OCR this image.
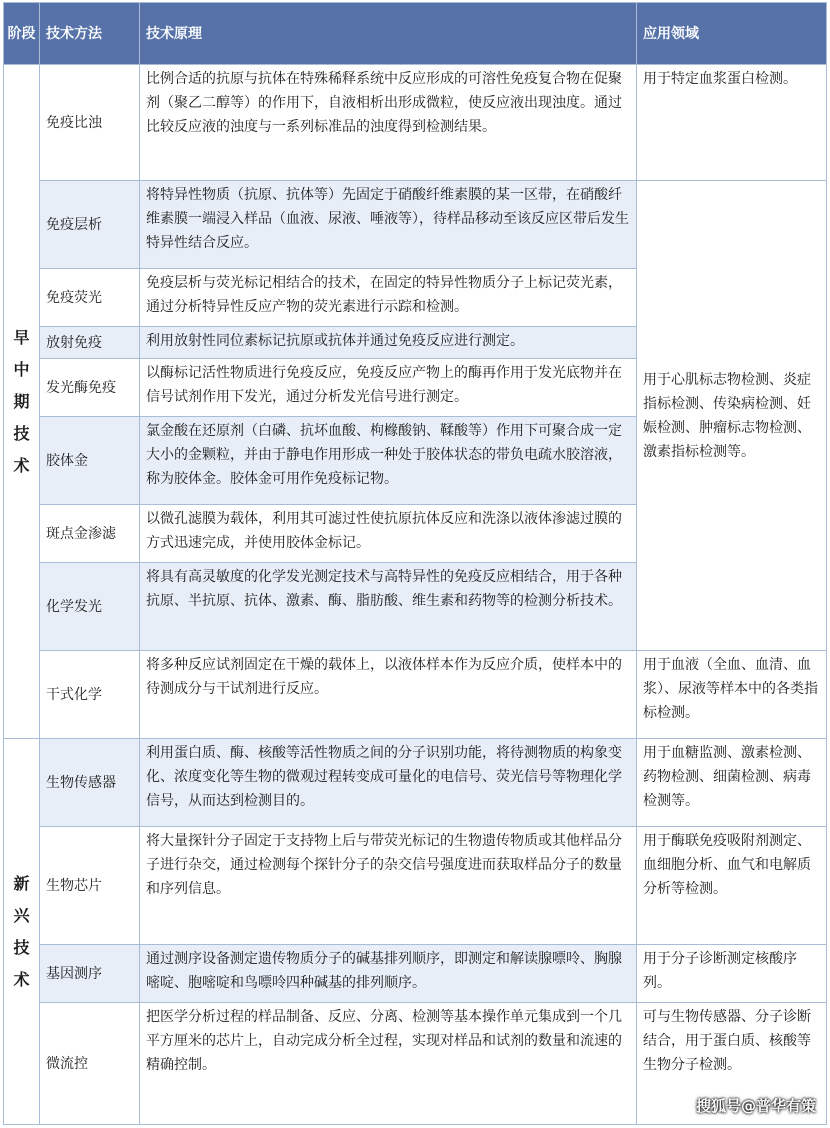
阶段	技术方法	技术原理	应用领域
早中期技术	免疫比浊	比例合适的抗原与抗体在特殊稀释系统中反应形成的可溶性免疫复合物在促聚剂（聚乙二醇等）的作用下，自液相析出形成微粒，使反应液出现浊度。通过比较反应液的浊度与一系列标准品的浊度得到检测结果。	用于特定血浆蛋白检测。
	免疫层析	将特异性物质（抗原、抗体等）先固定于硝酸纤维素膜的某一区带，在硝酸纤维素膜一端浸入样品（血液、尿液、唾液等），待样品移动至该反应区带后发生特异性结合反应。	用于心肌标志物检测、炎症指标检测、传染病检测、妊娠检测、肿瘤标志物检测、激素指标检测等。
	免疫荧光	免疫层析与荧光标记相结合的技术，在固定的特异性物质分子上标记荧光素，通过分析特异性反应产物的荧光素进行示踪和检测。	
	放射免疫	利用放射性同位素标记抗原或抗体并通过免疫反应进行测定。	
	发光酶免疫	以酶标记活性物质进行免疫反应，免疫反应产物上的酶再作用于发光底物并在信号试剂作用下发光，通过分析发光信号进行测定。	
	胶体金	氯金酸在还原剂（白磷、抗坏血酸、枸橼酸钠、鞣酸等）作用下可聚合成一定大小的金颗粒，并由于静电作用形成一种处于胶体状态的带负电疏水胶溶液，称为胶体金。胶体金可用作免疫标记物。	
	斑点金渗滤	以微孔滤膜为载体，利用其可滤过性使抗原抗体反应和洗涤以液体渗滤过膜的方式迅速完成，并使用胶体金标记。	
	化学发光	将具有高灵敏度的化学发光测定技术与高特异性的免疫反应相结合，用于各种抗原、半抗原、抗体、激素、酶、脂肪酸、维生素和药物等的检测分析技术。	
	干式化学	将多种反应试剂固定在干燥的载体上，以液体样本作为反应介质，使样本中的待测成分与干试剂进行反应。	用于血液（全血、血清、血浆）、尿液等样本中的各类指标检测。
新兴技术	生物传感器	利用蛋白质、酶、核酸等活性物质之间的分子识别功能，将待测物质的构象变化、浓度变化等生物的微观过程转变成可量化的电信号、荧光信号等物理化学信号，从而达到检测目的。	用于血糖监测、激素检测、药物检测、细菌检测、病毒检测等。
	生物芯片	将大量探针分子固定于支持物上后与带荧光标记的生物遗传物质或其他样品分子进行杂交，通过检测每个探针分子的杂交信号强度进而获取样品分子的数量和序列信息。	用于酶联免疫吸附剂测定、血细胞分析、血气和电解质分析等检测。
	基因测序	通过测序设备测定遗传物质分子的碱基排列顺序，即测定和解读腺嘌呤、胸腺嘧啶、胞嘧啶和鸟嘌呤四种碱基的排列顺序。	用于分子诊断测定核酸序列。
	微流控	把医学分析过程的样品制备、反应、分离、检测等基本操作单元集成到一个几平方厘米的芯片上，自动完成分析全过程，实现对样品和试剂的数量和流速的精确控制。	可与生物传感器、分子诊断结合，用于蛋白质、核酸等生物分子检测。
搜狐号@普华有策
